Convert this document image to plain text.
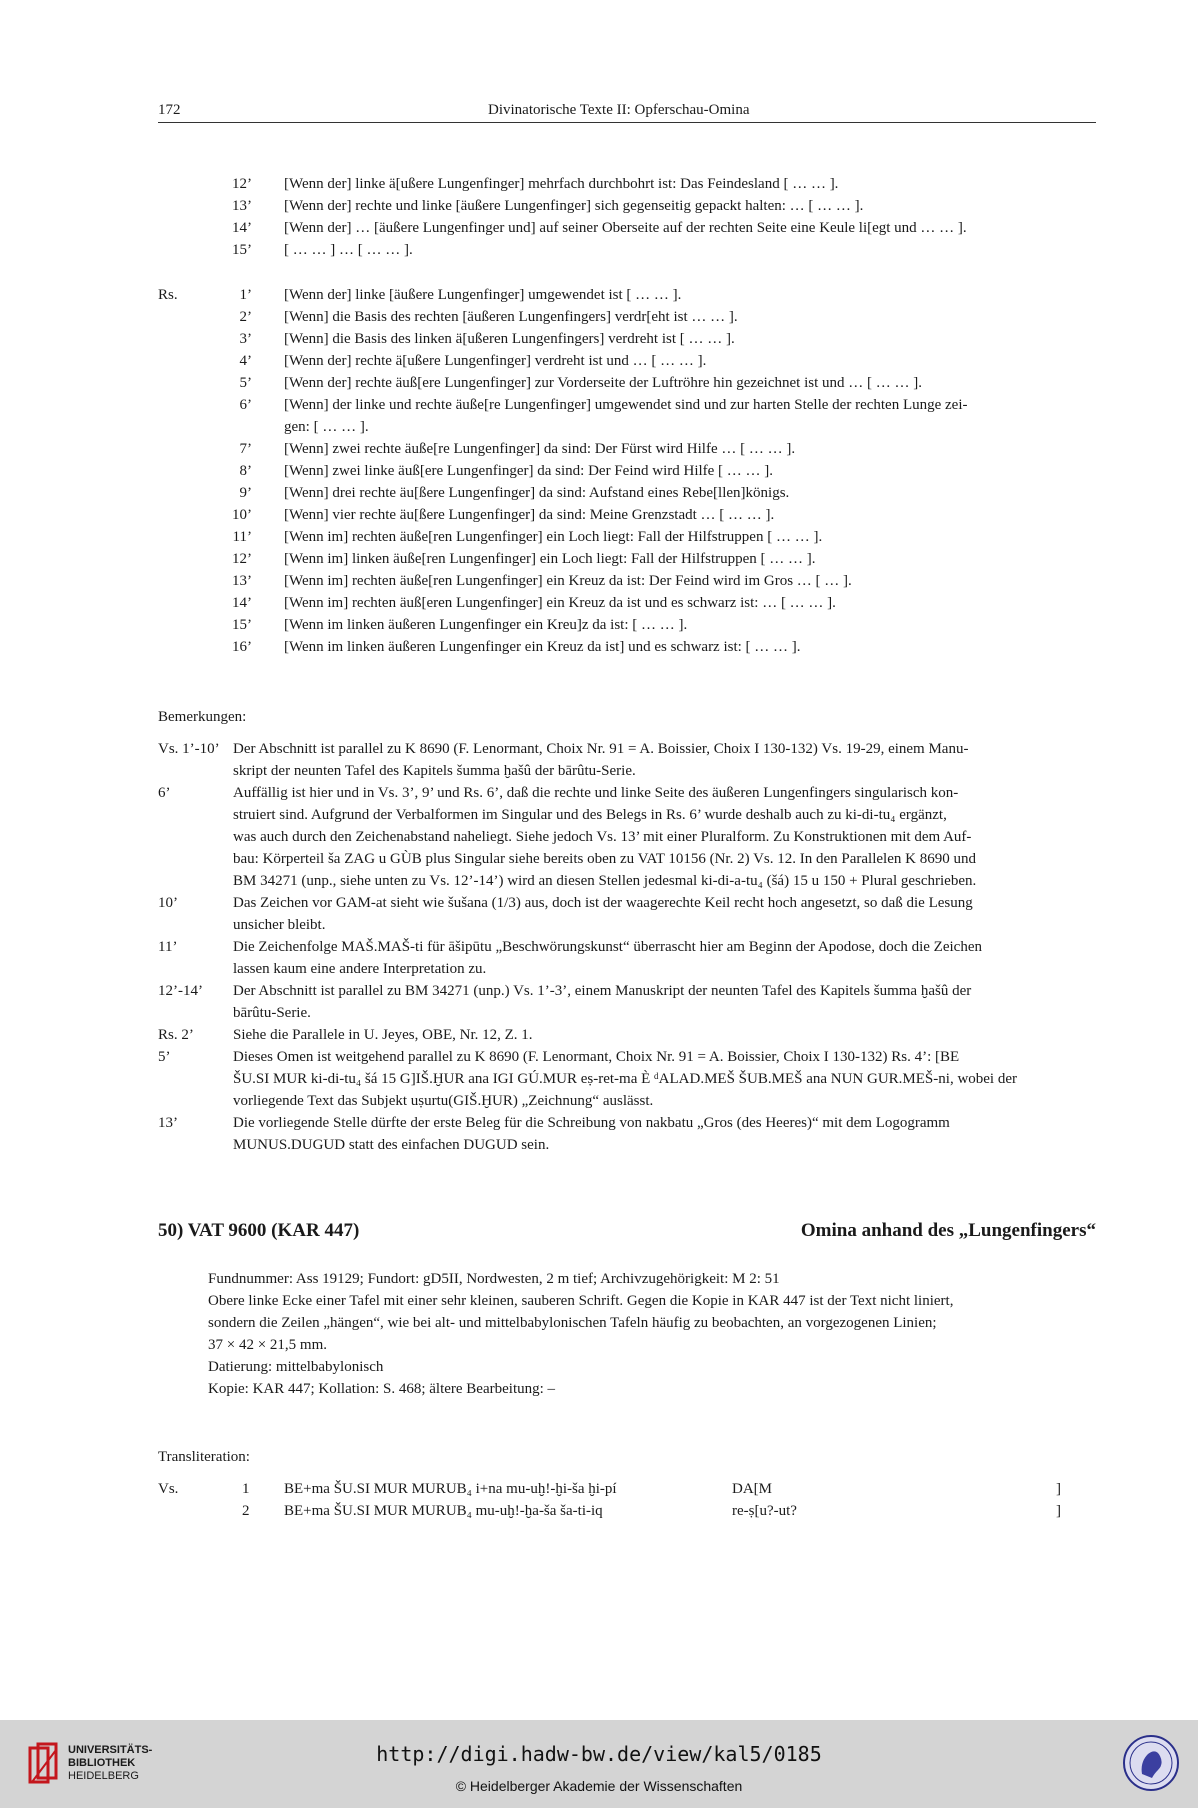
172	Divinatorische Texte II: Opferschau-Omina
12’ [Wenn der] linke ä[ußere Lungenfinger] mehrfach durchbohrt ist: Das Feindesland [ … … ].
13’ [Wenn der] rechte und linke [äußere Lungenfinger] sich gegenseitig gepackt halten: … [ … … ].
14’ [Wenn der] … [äußere Lungenfinger und] auf seiner Oberseite auf der rechten Seite eine Keule li[egt und … … ].
15’ [ … … ] … [ … … ].
Rs.	1’ [Wenn der] linke [äußere Lungenfinger] umgewendet ist [ … … ].
2’ [Wenn] die Basis des rechten [äußeren Lungenfingers] verdr[eht ist … … ].
3’ [Wenn] die Basis des linken ä[ußeren Lungenfingers] verdreht ist [ … … ].
4’ [Wenn der] rechte ä[ußere Lungenfinger] verdreht ist und … [ … … ].
5’ [Wenn der] rechte äuß[ere Lungenfinger] zur Vorderseite der Luftröhre hin gezeichnet ist und … [ … … ].
6’ [Wenn] der linke und rechte äuße[re Lungenfinger] umgewendet sind und zur harten Stelle der rechten Lunge zei-
gen: [ … … ].
7’ [Wenn] zwei rechte äuße[re Lungenfinger] da sind: Der Fürst wird Hilfe … [ … … ].
8’ [Wenn] zwei linke äuß[ere Lungenfinger] da sind: Der Feind wird Hilfe [ … … ].
9’ [Wenn] drei rechte äu[ßere Lungenfinger] da sind: Aufstand eines Rebe[llen]königs.
10’ [Wenn] vier rechte äu[ßere Lungenfinger] da sind: Meine Grenzstadt … [ … … ].
11’ [Wenn im] rechten äuße[ren Lungenfinger] ein Loch liegt: Fall der Hilfstruppen [ … … ].
12’ [Wenn im] linken äuße[ren Lungenfinger] ein Loch liegt: Fall der Hilfstruppen [ … … ].
13’ [Wenn im] rechten äuße[ren Lungenfinger] ein Kreuz da ist: Der Feind wird im Gros … [ … ].
14’ [Wenn im] rechten äuß[eren Lungenfinger] ein Kreuz da ist und es schwarz ist: … [ … … ].
15’ [Wenn im linken äußeren Lungenfinger ein Kreu]z da ist: [ … … ].
16’ [Wenn im linken äußeren Lungenfinger ein Kreuz da ist] und es schwarz ist: [ … … ].
Bemerkungen:
Vs. 1’-10’ Der Abschnitt ist parallel zu K 8690 (F. Lenormant, Choix Nr. 91 = A. Boissier, Choix I 130-132) Vs. 19-29, einem Manu-
skript der neunten Tafel des Kapitels šumma ḫašû der bārûtu-Serie.
6’	Auffällig ist hier und in Vs. 3’, 9’ und Rs. 6’, daß die rechte und linke Seite des äußeren Lungenfingers singularisch kon-
struiert sind. Aufgrund der Verbalformen im Singular und des Belegs in Rs. 6’ wurde deshalb auch zu ki-di-tu₄ ergänzt,
was auch durch den Zeichenabstand naheliegt. Siehe jedoch Vs. 13’ mit einer Pluralform. Zu Konstruktionen mit dem Auf-
bau: Körperteil ša ZAG u GÙB plus Singular siehe bereits oben zu VAT 10156 (Nr. 2) Vs. 12. In den Parallelen K 8690 und
BM 34271 (unp., siehe unten zu Vs. 12’-14’) wird an diesen Stellen jedesmal ki-di-a-tu₄ (šá) 15 u 150 + Plural geschrieben.
10’	Das Zeichen vor GAM-at sieht wie šušana (1/3) aus, doch ist der waagerechte Keil recht hoch angesetzt, so daß die Lesung
unsicher bleibt.
11’	Die Zeichenfolge MAŠ.MAŠ-ti für āšipūtu „Beschwörungskunst“ überrascht hier am Beginn der Apodose, doch die Zeichen
lassen kaum eine andere Interpretation zu.
12’-14’ Der Abschnitt ist parallel zu BM 34271 (unp.) Vs. 1’-3’, einem Manuskript der neunten Tafel des Kapitels šumma ḫašû der
bārûtu-Serie.
Rs. 2’	Siehe die Parallele in U. Jeyes, OBE, Nr. 12, Z. 1.
5’	Dieses Omen ist weitgehend parallel zu K 8690 (F. Lenormant, Choix Nr. 91 = A. Boissier, Choix I 130-132) Rs. 4’: [BE
ŠU.SI MUR ki-di-tu₄ šá 15 G]IŠ.ḪUR ana IGI GÚ.MUR eṣ-ret-ma È ᵈALAD.MEŠ ŠUB.MEŠ ana NUN GUR.MEŠ-ni, wobei der
vorliegende Text das Subjekt uṣurtu(GIŠ.ḪUR) „Zeichnung“ auslässt.
13’	Die vorliegende Stelle dürfte der erste Beleg für die Schreibung von nakbatu „Gros (des Heeres)“ mit dem Logogramm
MUNUS.DUGUD statt des einfachen DUGUD sein.
50) VAT 9600 (KAR 447)	Omina anhand des „Lungenfingers“
Fundnummer: Ass 19129; Fundort: gD5II, Nordwesten, 2 m tief; Archivzugehörigkeit: M 2: 51
Obere linke Ecke einer Tafel mit einer sehr kleinen, sauberen Schrift. Gegen die Kopie in KAR 447 ist der Text nicht liniert,
sondern die Zeilen „hängen“, wie bei alt- und mittelbabylonischen Tafeln häufig zu beobachten, an vorgezogenen Linien;
37 × 42 × 21,5 mm.
Datierung: mittelbabylonisch
Kopie: KAR 447; Kollation: S. 468; ältere Bearbeitung: –
Transliteration:
Vs.	1 BE+ma ŠU.SI MUR MURUB₄ i+na mu-uḫ!-ḫi-ša ḫi-pí	DA[M	]
2 BE+ma ŠU.SI MUR MURUB₄ mu-uḫ!-ḫa-ša ša-ti-iq	re-ṣ[u?-ut?	]
UNIVERSITÄTS-
BIBLIOTHEK
HEIDELBERG
http://digi.hadw-bw.de/view/kal5/0185
© Heidelberger Akademie der Wissenschaften
